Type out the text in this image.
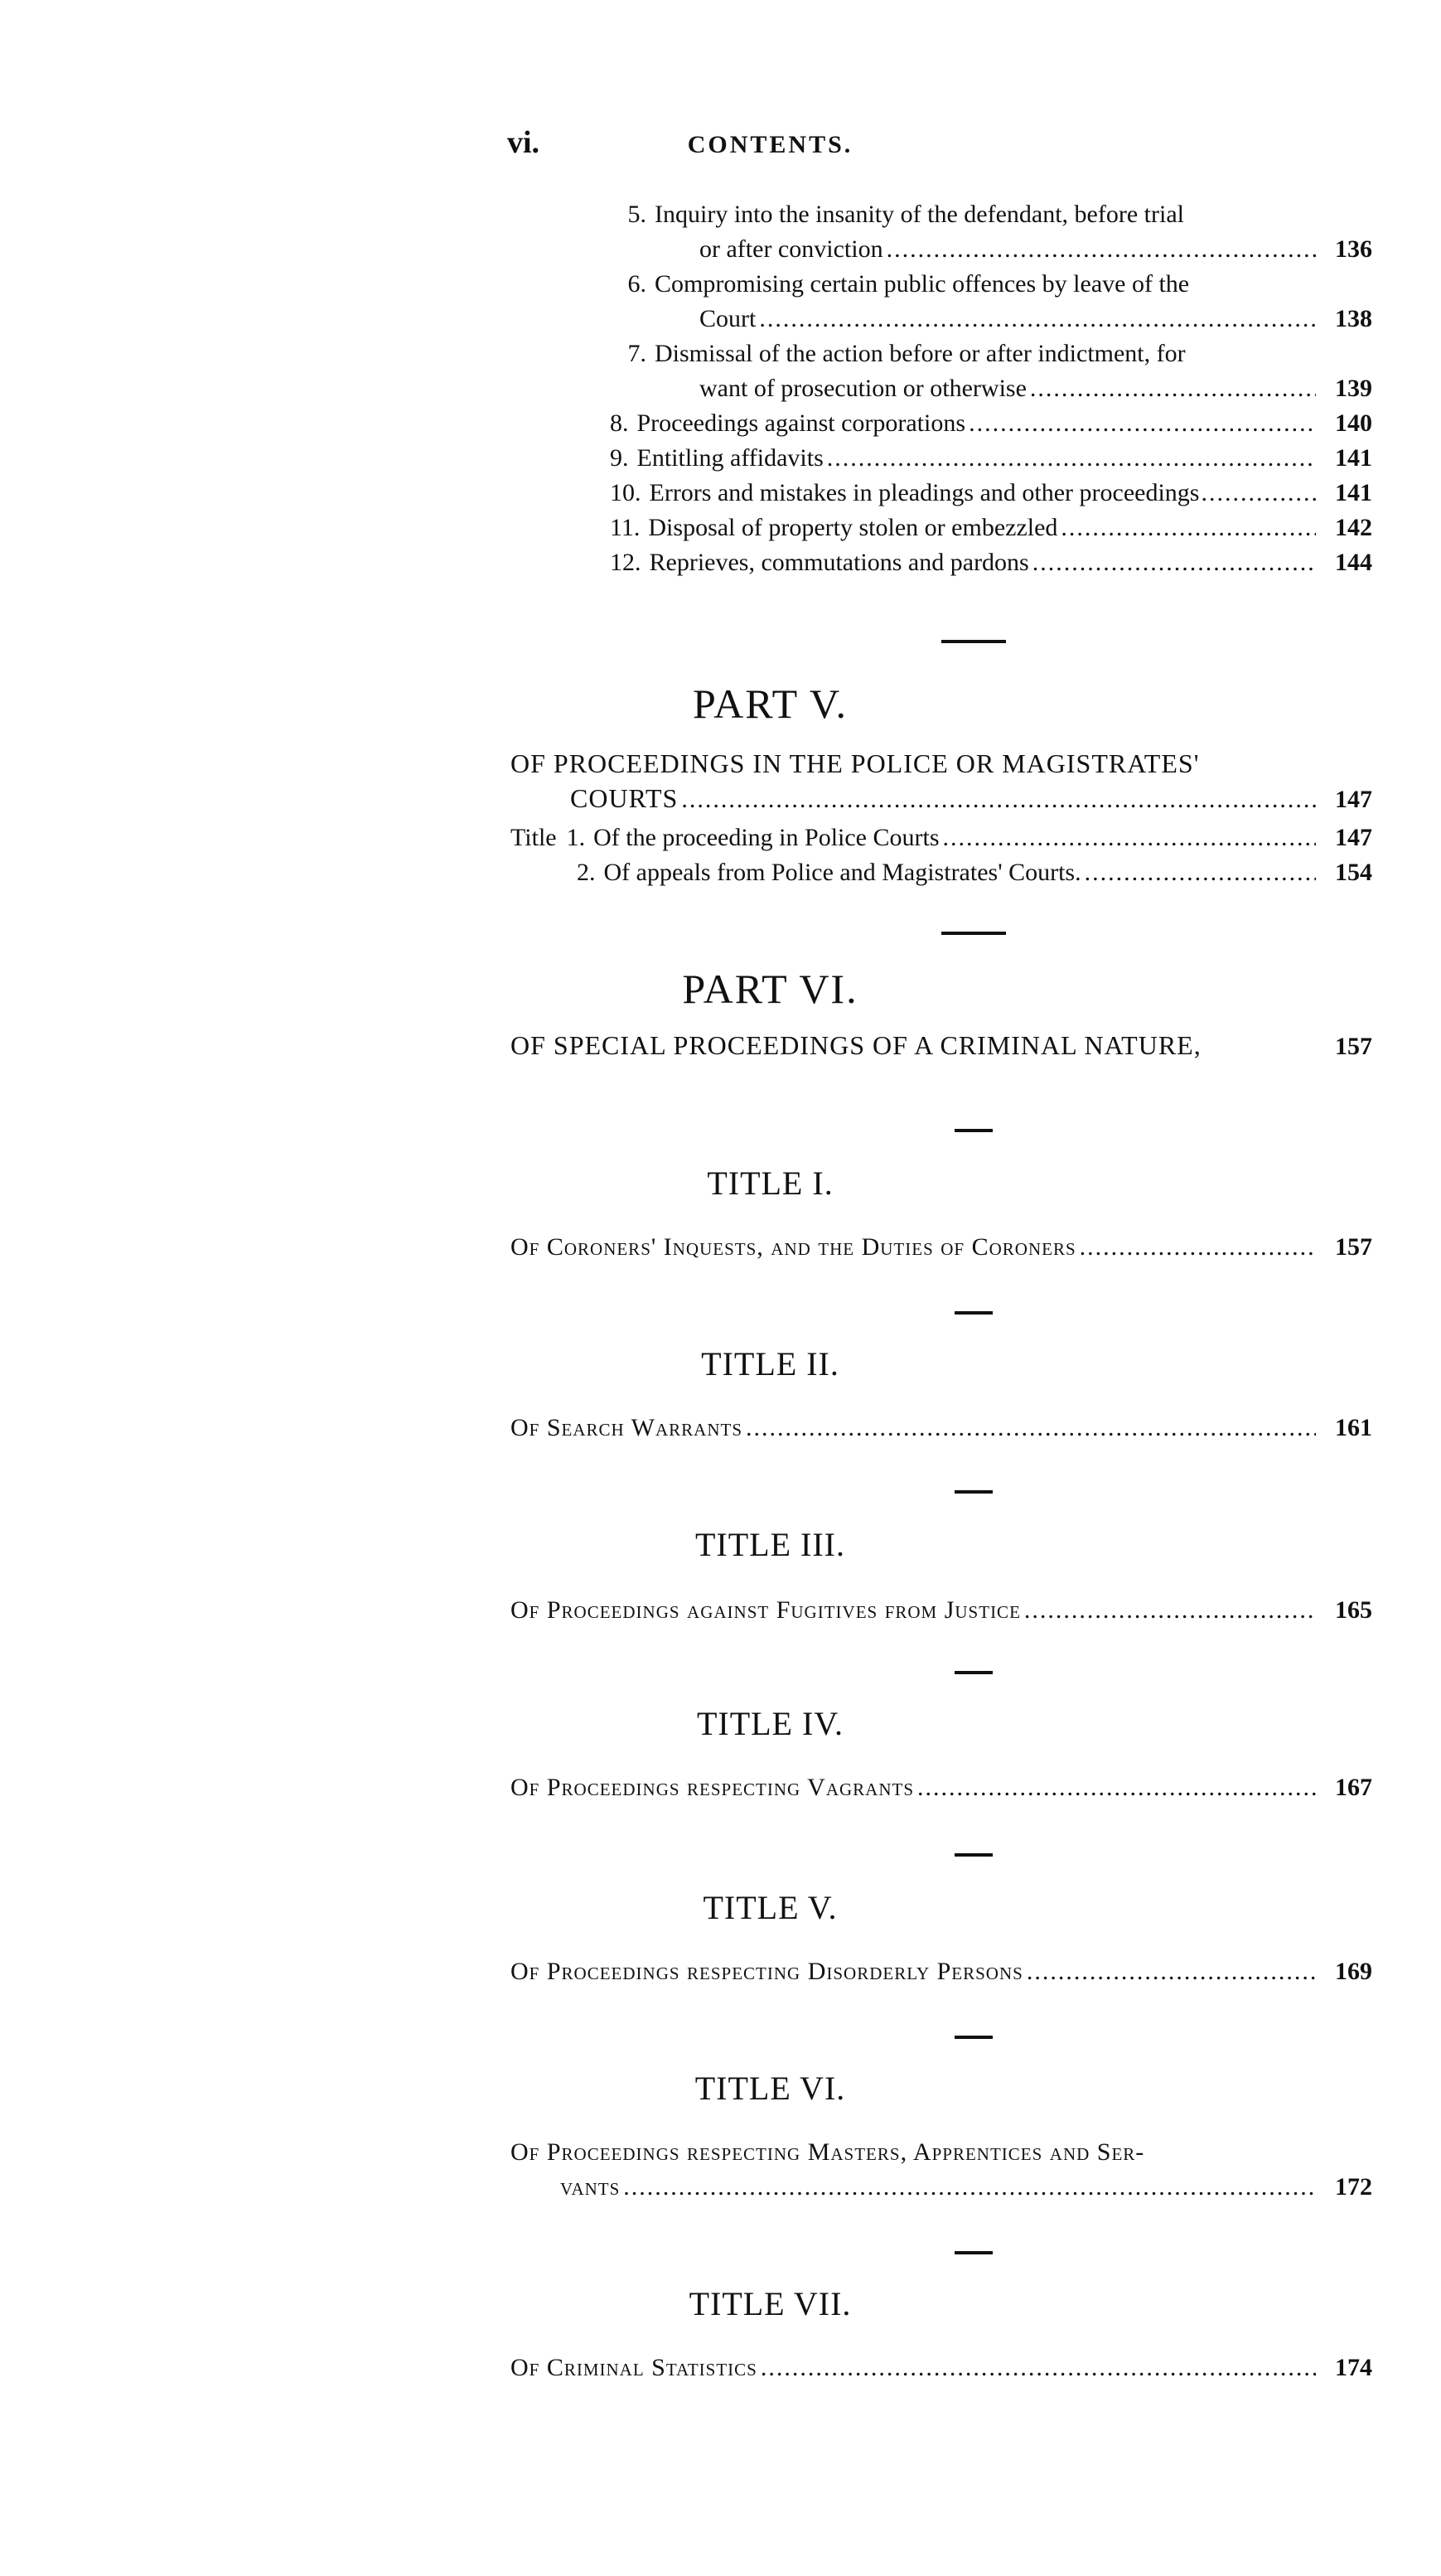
vi.	CONTENTS.
5. Inquiry into the insanity of the defendant, before trial
or after conviction .....	136
6. Compromising certain public offences by leave of the
Court .....	138
7. Dismissal of the action before or after indictment, for
want of prosecution or otherwise .....	139
8. Proceedings against corporations .....	140
9. Entitling affidavits .....	141
10. Errors and mistakes in pleadings and other proceedings .....	141
11. Disposal of property stolen or embezzled .....	142
12. Reprieves, commutations and pardons .....	144
PART V.
OF PROCEEDINGS IN THE POLICE OR MAGISTRATES'
COURTS .....	147
Title 1. Of the proceeding in Police Courts .....	147
2. Of appeals from Police and Magistrates' Courts. .....	154
PART VI.
OF SPECIAL PROCEEDINGS OF A CRIMINAL NATURE,	157
TITLE I.
Of Coroners' Inquests, and the Duties of Coroners .....	157
TITLE II.
Of Search Warrants .....	161
TITLE III.
Of Proceedings against Fugitives from Justice .....	165
TITLE IV.
Of Proceedings respecting Vagrants .....	167
TITLE V.
Of Proceedings respecting Disorderly Persons .....	169
TITLE VI.
Of Proceedings respecting Masters, Apprentices and Ser-
vants .....	172
TITLE VII.
Of Criminal Statistics .....	174
